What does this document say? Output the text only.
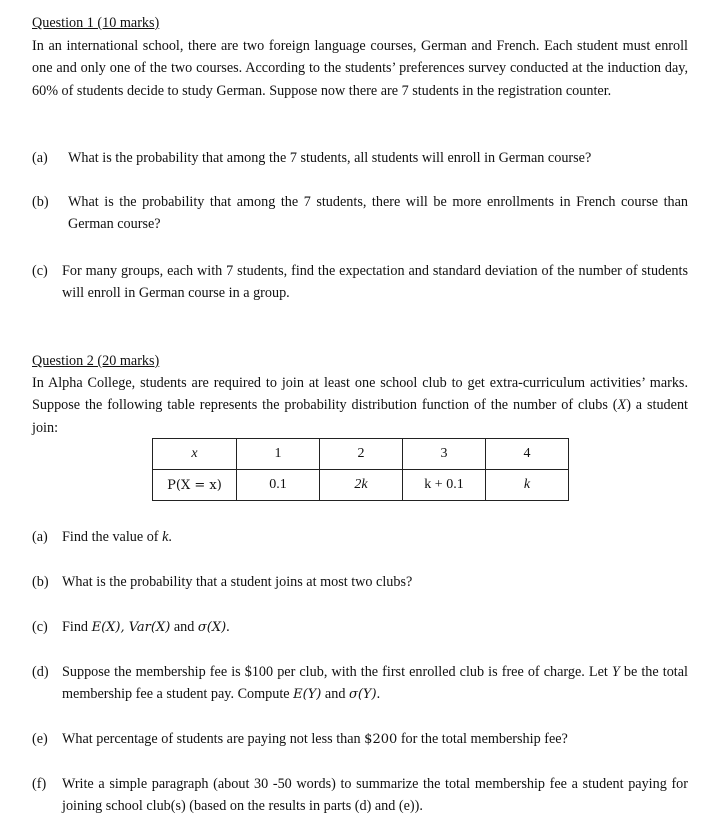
Question 1 (10 marks)
In an international school, there are two foreign language courses, German and French. Each student must enroll one and only one of the two courses. According to the students’ preferences survey conducted at the induction day, 60% of students decide to study German. Suppose now there are 7 students in the registration counter.
(a) What is the probability that among the 7 students, all students will enroll in German course?
(b) What is the probability that among the 7 students, there will be more enrollments in French course than German course?
(c) For many groups, each with 7 students, find the expectation and standard deviation of the number of students will enroll in German course in a group.
Question 2 (20 marks)
In Alpha College, students are required to join at least one school club to get extra-curriculum activities’ marks. Suppose the following table represents the probability distribution function of the number of clubs (X) a student join:
x	1	2	3	4
P(X = x)	0.1	2k	k + 0.1	k
(a) Find the value of k.
(b) What is the probability that a student joins at most two clubs?
(c) Find E(X), Var(X) and σ(X).
(d) Suppose the membership fee is $100 per club, with the first enrolled club is free of charge. Let Y be the total membership fee a student pay. Compute E(Y) and σ(Y).
(e) What percentage of students are paying not less than $200 for the total membership fee?
(f) Write a simple paragraph (about 30 -50 words) to summarize the total membership fee a student paying for joining school club(s) (based on the results in parts (d) and (e)).
